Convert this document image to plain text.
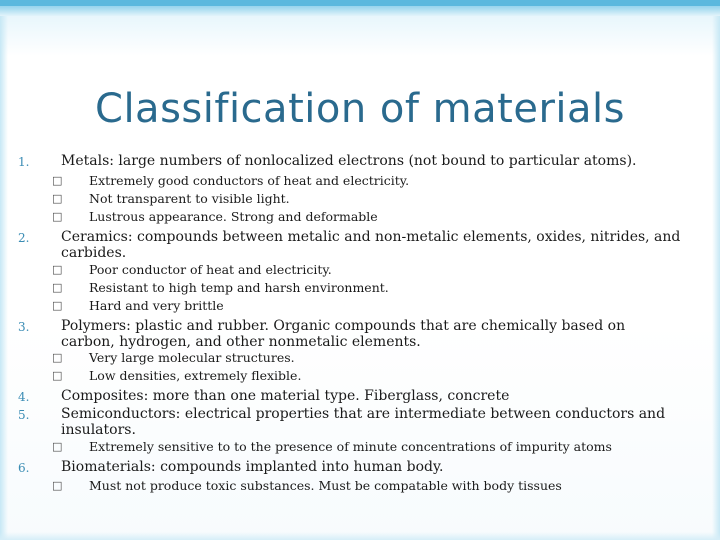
Classification of materials
1. Metals: large numbers of nonlocalized electrons (not bound to particular atoms).
□ Extremely good conductors of heat and electricity.
□ Not transparent to visible light.
□ Lustrous appearance. Strong and deformable
2. Ceramics: compounds between metalic and non-metalic elements, oxides, nitrides, and carbides.
□ Poor conductor of heat and electricity.
□ Resistant to high temp and harsh environment.
□ Hard and very brittle
3. Polymers: plastic and rubber. Organic compounds that are chemically based on carbon, hydrogen, and other nonmetalic elements.
□ Very large molecular structures.
□ Low densities, extremely flexible.
4. Composites: more than one material type. Fiberglass, concrete
5. Semiconductors: electrical properties that are intermediate between conductors and insulators.
□ Extremely sensitive to to the presence of minute concentrations of impurity atoms
6. Biomaterials: compounds implanted into human body.
□ Must not produce toxic substances. Must be compatable with body tissues
